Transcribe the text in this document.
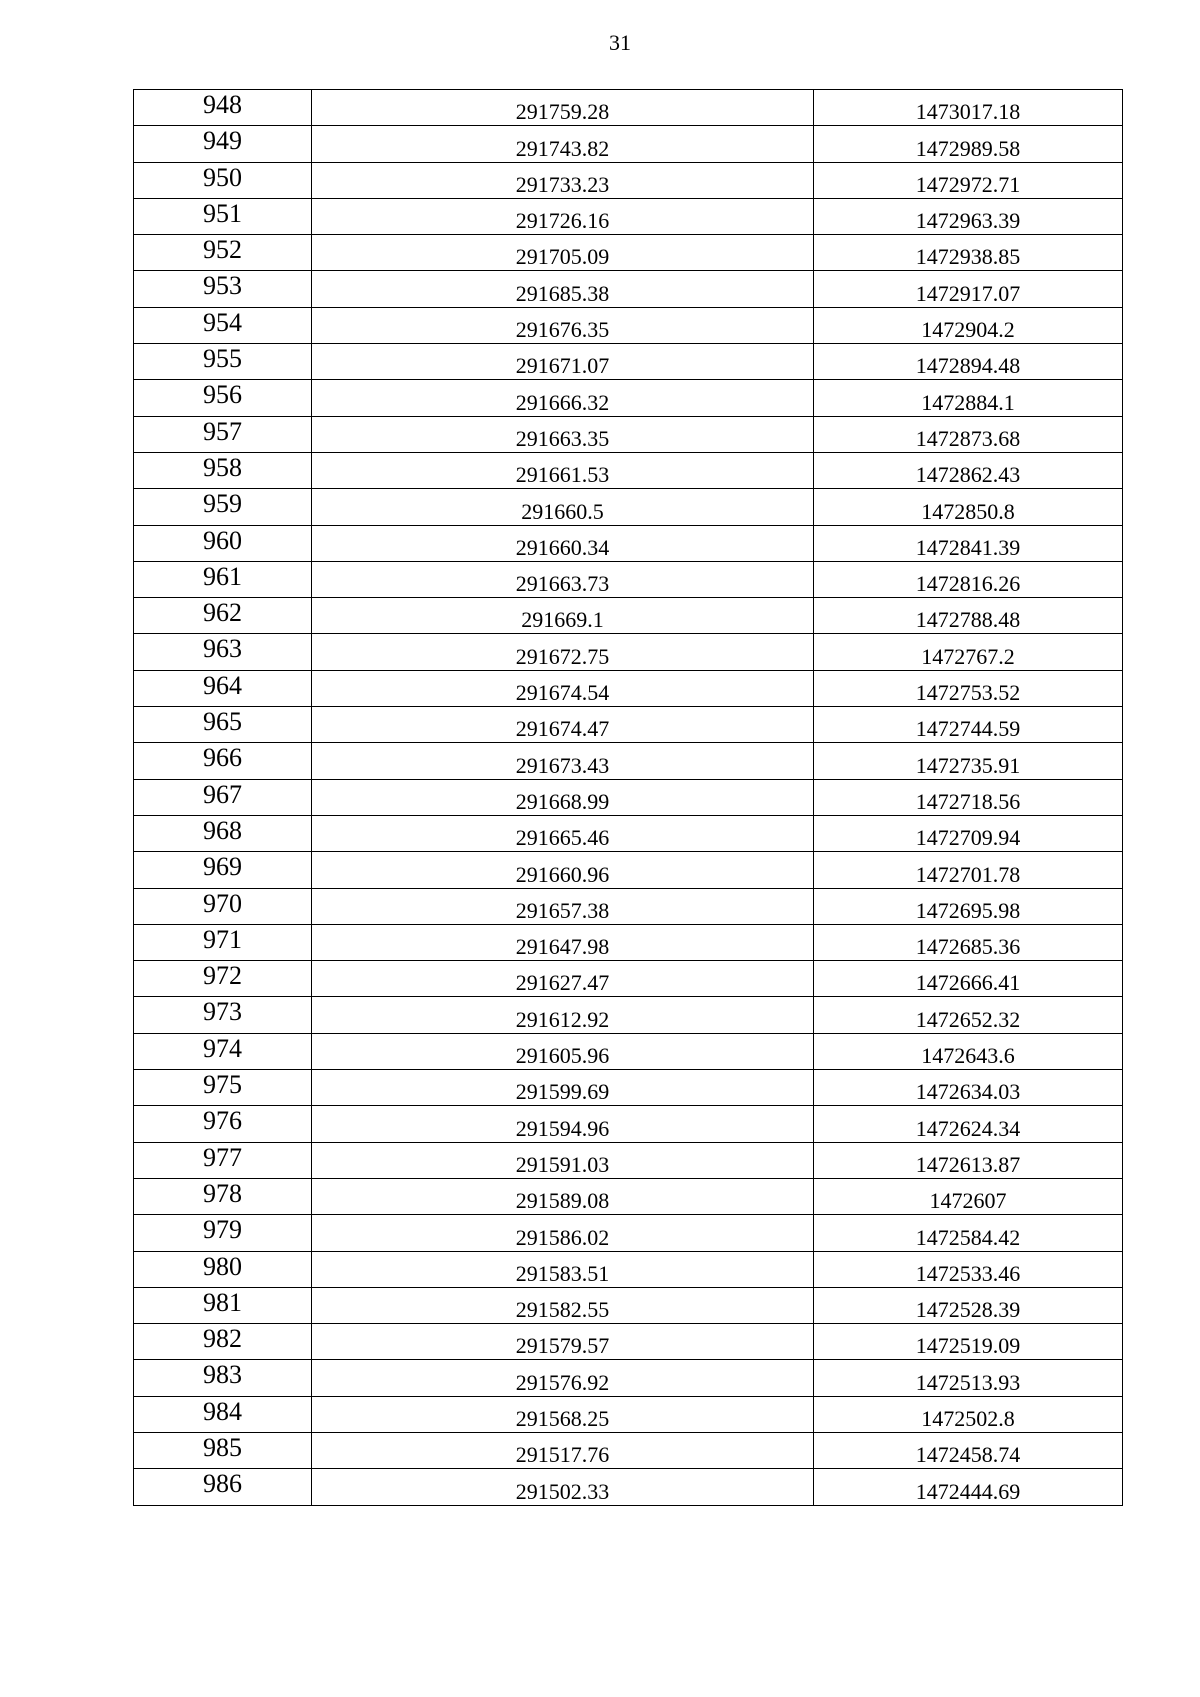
31
948	291759.28	1473017.18
949	291743.82	1472989.58
950	291733.23	1472972.71
951	291726.16	1472963.39
952	291705.09	1472938.85
953	291685.38	1472917.07
954	291676.35	1472904.2
955	291671.07	1472894.48
956	291666.32	1472884.1
957	291663.35	1472873.68
958	291661.53	1472862.43
959	291660.5	1472850.8
960	291660.34	1472841.39
961	291663.73	1472816.26
962	291669.1	1472788.48
963	291672.75	1472767.2
964	291674.54	1472753.52
965	291674.47	1472744.59
966	291673.43	1472735.91
967	291668.99	1472718.56
968	291665.46	1472709.94
969	291660.96	1472701.78
970	291657.38	1472695.98
971	291647.98	1472685.36
972	291627.47	1472666.41
973	291612.92	1472652.32
974	291605.96	1472643.6
975	291599.69	1472634.03
976	291594.96	1472624.34
977	291591.03	1472613.87
978	291589.08	1472607
979	291586.02	1472584.42
980	291583.51	1472533.46
981	291582.55	1472528.39
982	291579.57	1472519.09
983	291576.92	1472513.93
984	291568.25	1472502.8
985	291517.76	1472458.74
986	291502.33	1472444.69
